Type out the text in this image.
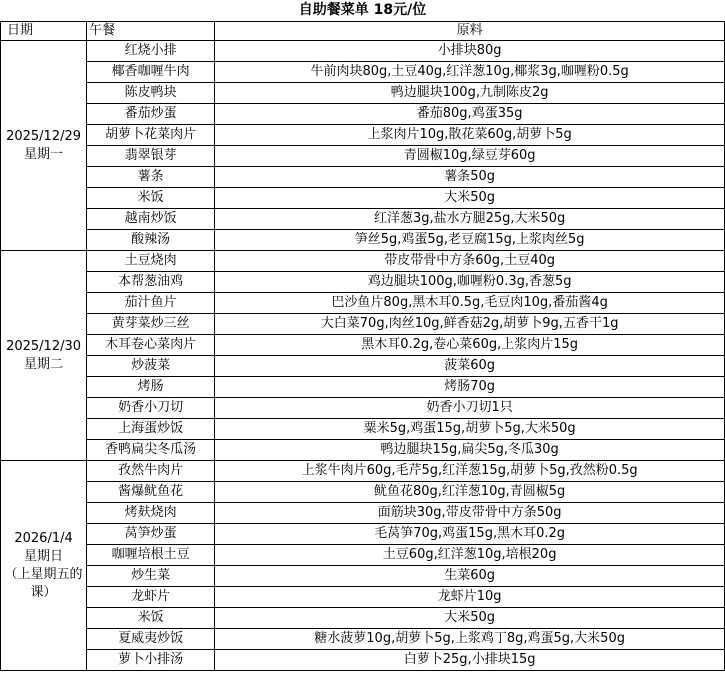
自助餐菜单 18元/位		
日期	午餐	原料

2025/12/29
星期一	红烧小排	小排块80g
	椰香咖喱牛肉	牛前肉块80g,土豆40g,红洋葱10g,椰浆3g,咖喱粉0.5g
	陈皮鸭块	鸭边腿块100g,九制陈皮2g
	番茄炒蛋	番茄80g,鸡蛋35g
	胡萝卜花菜肉片	上浆肉片10g,散花菜60g,胡萝卜5g
	翡翠银芽	青圆椒10g,绿豆芽60g
	薯条	薯条50g
	米饭	大米50g
	越南炒饭	红洋葱3g,盐水方腿25g,大米50g
	酸辣汤	笋丝5g,鸡蛋5g,老豆腐15g,上浆肉丝5g

2025/12/30
星期二	土豆烧肉	带皮带骨中方条60g,土豆40g
	本帮葱油鸡	鸡边腿块100g,咖喱粉0.3g,香葱5g
	茄汁鱼片	巴沙鱼片80g,黑木耳0.5g,毛豆肉10g,番茄酱4g
	黄芽菜炒三丝	大白菜70g,肉丝10g,鲜香菇2g,胡萝卜9g,五香干1g
	木耳卷心菜肉片	黑木耳0.2g,卷心菜60g,上浆肉片15g
	炒菠菜	菠菜60g
	烤肠	烤肠70g
	奶香小刀切	奶香小刀切1只
	上海蛋炒饭	粟米5g,鸡蛋15g,胡萝卜5g,大米50g
	香鸭扁尖冬瓜汤	鸭边腿块15g,扁尖5g,冬瓜30g

2026/1/4
星期日
（上星期五的课）	孜然牛肉片	上浆牛肉片60g,毛芹5g,红洋葱15g,胡萝卜5g,孜然粉0.5g
	酱爆鱿鱼花	鱿鱼花80g,红洋葱10g,青圆椒5g
	烤麸烧肉	面筋块30g,带皮带骨中方条50g
	莴笋炒蛋	毛莴笋70g,鸡蛋15g,黑木耳0.2g
	咖喱培根土豆	土豆60g,红洋葱10g,培根20g
	炒生菜	生菜60g
	龙虾片	龙虾片10g
	米饭	大米50g
	夏威夷炒饭	糖水菠萝10g,胡萝卜5g,上浆鸡丁8g,鸡蛋5g,大米50g
	萝卜小排汤	白萝卜25g,小排块15g
